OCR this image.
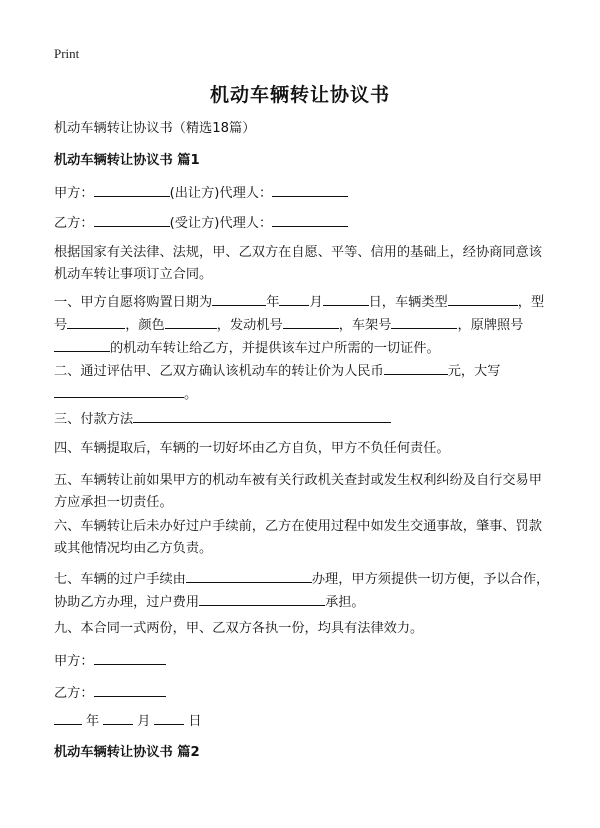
Print
机动车辆转让协议书

机动车辆转让协议书（精选18篇）

机动车辆转让协议书 篇1

甲方：	(出让方)代理人：

乙方：	(受让方)代理人：

根据国家有关法律、法规，甲、乙双方在自愿、平等、信用的基础上，经协商同意该机动车转让事项订立合同。

一、甲方自愿将购置日期为	年 月	日，车辆类型	，型号	，颜色	，发动机号	，车架号	，原牌照号的机动车转让给乙方，并提供该车过户所需的一切证件。

二、通过评估甲、乙双方确认该机动车的转让价为人民币	元，大写
。

三、付款方法

四、车辆提取后，车辆的一切好坏由乙方自负，甲方不负任何责任。

五、车辆转让前如果甲方的机动车被有关行政机关查封或发生权利纠纷及自行交易甲方应承担一切责任。

六、车辆转让后未办好过户手续前，乙方在使用过程中如发生交通事故，肇事、罚款或其他情况均由乙方负责。

七、车辆的过户手续由	办理，甲方须提供一切方便，予以合作，协助乙方办理，过户费用	承担。

九、本合同一式两份，甲、乙双方各执一份，均具有法律效力。

甲方：

乙方：

年	月	日

机动车辆转让协议书 篇2
